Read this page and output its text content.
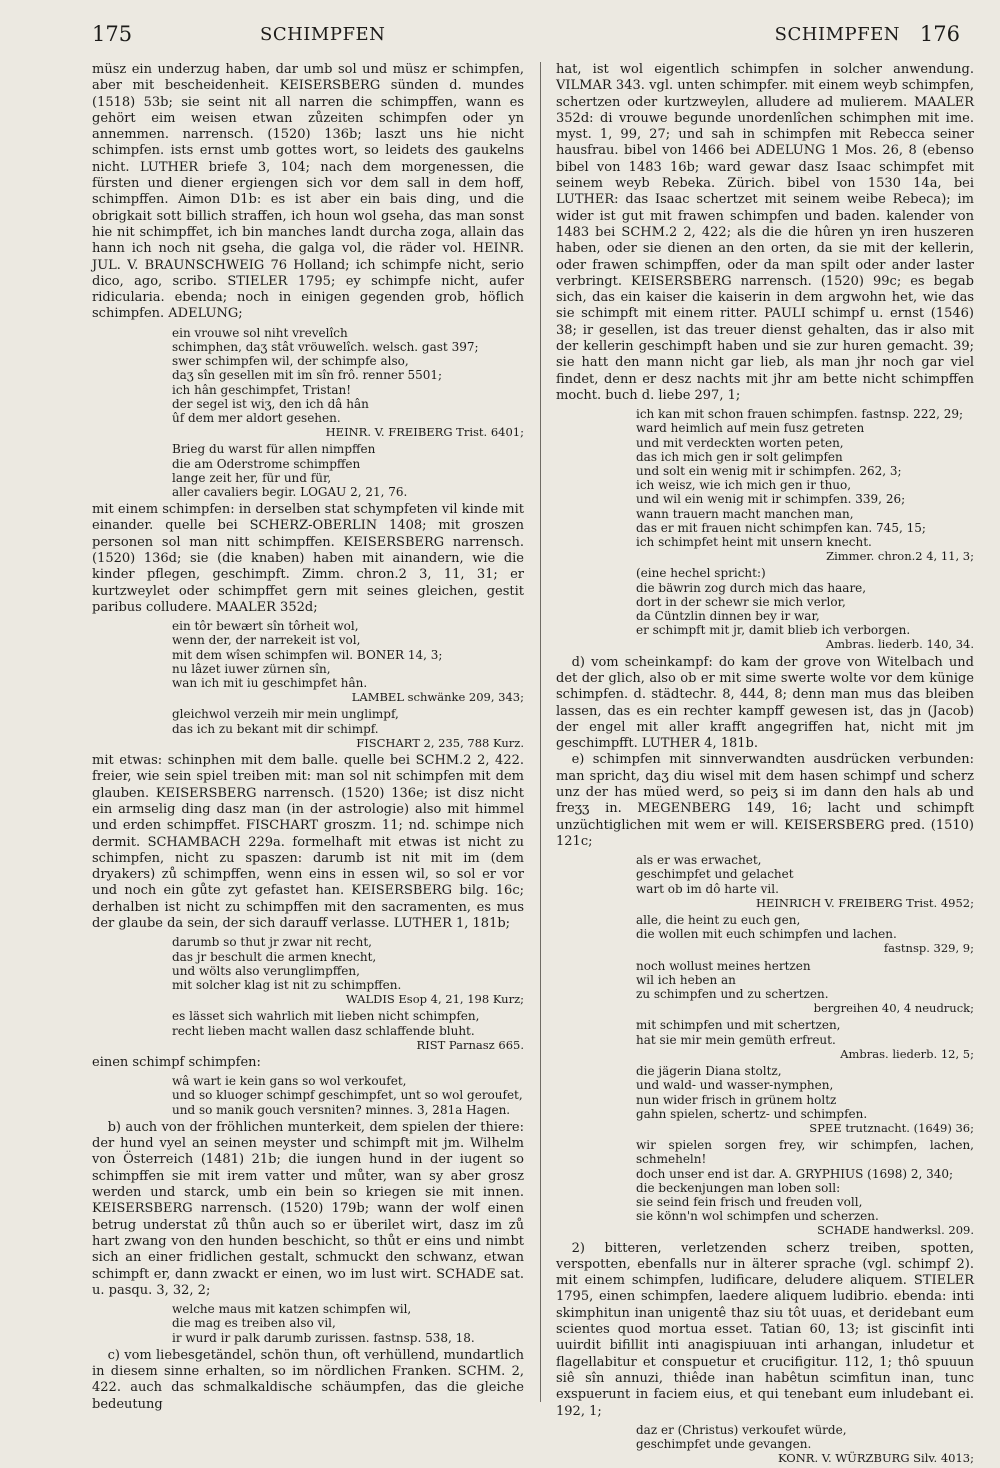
175	SCHIMPFEN	SCHIMPFEN 176

müsz ein underzug haben, dar umb sol und müsz er schimpfen, aber mit bescheidenheit. KEISERSBERG sünden d. mundes (1518) 53b; sie seint nit all narren die schimpffen, wann es gehört eim weisen etwan zůzeiten schimpfen oder yn annemmen. narrensch. (1520) 136b; laszt uns hie nicht schimpfen. ists ernst umb gottes wort, so leidets des gaukelns nicht. LUTHER briefe 3, 104; nach dem morgenessen, die fürsten und diener ergiengen sich vor dem sall in dem hoff, schimpffen. Aimon D1b: es ist aber ein bais ding, und die obrigkait sott billich straffen, ich houn wol gseha, das man sonst hie nit schimpffet, ich bin manches landt durcha zoga, allain das hann ich noch nit gseha, die galga vol, die räder vol. HEINR. JUL. V. BRAUNSCHWEIG 76 Holland; ich schimpfe nicht, serio dico, ago, scribo. STIELER 1795; ey schimpfe nicht, aufer ridicularia. ebenda; noch in einigen gegenden grob, höflich schimpfen. ADELUNG;

ein vrouwe sol niht vrevelîch
schimphen, daʒ stât vröuwelîch. welsch. gast 397;
swer schimpfen wil, der schimpfe also,
daʒ sîn gesellen mit im sîn frô. renner 5501;
ich hân geschimpfet, Tristan!
der segel ist wiʒ, den ich dâ hân
ûf dem mer aldort gesehen.
HEINR. V. FREIBERG Trist. 6401;
Brieg du warst für allen nimpffen
die am Oderstrome schimpffen
lange zeit her, für und für,
aller cavaliers begir. LOGAU 2, 21, 76.

mit einem schimpfen: in derselben stat schympfeten vil kinde mit einander. quelle bei SCHERZ-OBERLIN 1408; mit groszen personen sol man nitt schimpffen. KEISERSBERG narrensch. (1520) 136d; sie (die knaben) haben mit ainandern, wie die kinder pflegen, geschimpft. Zimm. chron.2 3, 11, 31; er kurtzweylet oder schimpffet gern mit seines gleichen, gestit paribus colludere. MAALER 352d;

ein tôr bewært sîn tôrheit wol,
wenn der, der narrekeit ist vol,
mit dem wîsen schimpfen wil. BONER 14, 3;
nu lâzet iuwer zürnen sîn,
wan ich mit iu geschimpfet hân.
LAMBEL schwänke 209, 343;
gleichwol verzeih mir mein unglimpf,
das ich zu bekant mit dir schimpf.
FISCHART 2, 235, 788 Kurz.

mit etwas: schinphen mit dem balle. quelle bei SCHM.2 2, 422. freier, wie sein spiel treiben mit: man sol nit schimpfen mit dem glauben. KEISERSBERG narrensch. (1520) 136e; ist disz nicht ein armselig ding dasz man (in der astrologie) also mit himmel und erden schimpffet. FISCHART groszm. 11; nd. schimpe nich dermit. SCHAMBACH 229a. formelhaft mit etwas ist nicht zu schimpfen, nicht zu spaszen: darumb ist nit mit im (dem dryakers) zů schimpffen, wenn eins in essen wil, so sol er vor und noch ein gůte zyt gefastet han. KEISERSBERG bilg. 16c; derhalben ist nicht zu schimpffen mit den sacramenten, es mus der glaube da sein, der sich darauff verlasse. LUTHER 1, 181b;

darumb so thut jr zwar nit recht,
das jr beschult die armen knecht,
und wölts also verunglimpffen,
mit solcher klag ist nit zu schimpffen.
WALDIS Esop 4, 21, 198 Kurz;
es lässet sich wahrlich mit lieben nicht schimpfen,
recht lieben macht wallen dasz schlaffende bluht.
RIST Parnasz 665.

einen schimpf schimpfen:

wâ wart ie kein gans so wol verkoufet,
und so kluoger schimpf geschimpfet, unt so wol geroufet,
und so manik gouch versniten? minnes. 3, 281a Hagen.

b) auch von der fröhlichen munterkeit, dem spielen der thiere: der hund vyel an seinen meyster und schimpft mit jm. Wilhelm von Österreich (1481) 21b; die iungen hund in der iugent so schimpffen sie mit irem vatter und můter, wan sy aber grosz werden und starck, umb ein bein so kriegen sie mit innen. KEISERSBERG narrensch. (1520) 179b; wann der wolf einen betrug understat zů thůn auch so er überilet wirt, dasz im zů hart zwang von den hunden beschicht, so thůt er eins und nimbt sich an einer fridlichen gestalt, schmuckt den schwanz, etwan schimpft er, dann zwackt er einen, wo im lust wirt. SCHADE sat. u. pasqu. 3, 32, 2;

welche maus mit katzen schimpfen wil,
die mag es treiben also vil,
ir wurd ir palk darumb zurissen. fastnsp. 538, 18.

c) vom liebesgetändel, schön thun, oft verhüllend, mundartlich in diesem sinne erhalten, so im nördlichen Franken. SCHM. 2, 422. auch das schmalkaldische schäumpfen, das die gleiche bedeutung

hat, ist wol eigentlich schimpfen in solcher anwendung. VILMAR 343. vgl. unten schimpfer. mit einem weyb schimpfen, schertzen oder kurtzweylen, alludere ad mulierem. MAALER 352d: di vrouwe begunde unordenlîchen schimphen mit ime. myst. 1, 99, 27; und sah in schimpfen mit Rebecca seiner hausfrau. bibel von 1466 bei ADELUNG 1 Mos. 26, 8 (ebenso bibel von 1483 16b; ward gewar dasz Isaac schimpfet mit seinem weyb Rebeka. Zürich. bibel von 1530 14a, bei LUTHER: das Isaac schertzet mit seinem weibe Rebeca); im wider ist gut mit frawen schimpfen und baden. kalender von 1483 bei SCHM.2 2, 422; als die die hûren yn iren huszeren haben, oder sie dienen an den orten, da sie mit der kellerin, oder frawen schimpffen, oder da man spilt oder ander laster verbringt. KEISERSBERG narrensch. (1520) 99c; es begab sich, das ein kaiser die kaiserin in dem argwohn het, wie das sie schimpft mit einem ritter. PAULI schimpf u. ernst (1546) 38; ir gesellen, ist das treuer dienst gehalten, das ir also mit der kellerin geschimpft haben und sie zur huren gemacht. 39; sie hatt den mann nicht gar lieb, als man jhr noch gar viel findet, denn er desz nachts mit jhr am bette nicht schimpffen mocht. buch d. liebe 297, 1;

ich kan mit schon frauen schimpfen. fastnsp. 222, 29;
ward heimlich auf mein fusz getreten
und mit verdeckten worten peten,
das ich mich gen ir solt gelimpfen
und solt ein wenig mit ir schimpfen. 262, 3;
ich weisz, wie ich mich gen ir thuo,
und wil ein wenig mit ir schimpfen. 339, 26;
wann trauern macht manchen man,
das er mit frauen nicht schimpfen kan. 745, 15;
ich schimpfet heint mit unsern knecht.
Zimmer. chron.2 4, 11, 3;
(eine hechel spricht:)
die bäwrin zog durch mich das haare,
dort in der schewr sie mich verlor,
da Cüntzlin dinnen bey ir war,
er schimpft mit jr, damit blieb ich verborgen.
Ambras. liederb. 140, 34.

d) vom scheinkampf: do kam der grove von Witelbach und det der glich, also ob er mit sime swerte wolte vor dem künige schimpfen. d. städtechr. 8, 444, 8; denn man mus das bleiben lassen, das es ein rechter kampff gewesen ist, das jn (Jacob) der engel mit aller krafft angegriffen hat, nicht mit jm geschimpfft. LUTHER 4, 181b.

e) schimpfen mit sinnverwandten ausdrücken verbunden: man spricht, daʒ diu wisel mit dem hasen schimpf und scherz unz der has müed werd, so peiʒ si im dann den hals ab und freʒʒ in. MEGENBERG 149, 16; lacht und schimpft unzüchtiglichen mit wem er will. KEISERSBERG pred. (1510) 121c;

als er was erwachet,
geschimpfet und gelachet
wart ob im dô harte vil.
HEINRICH V. FREIBERG Trist. 4952;
alle, die heint zu euch gen,
die wollen mit euch schimpfen und lachen.
fastnsp. 329, 9;
noch wollust meines hertzen
wil ich heben an
zu schimpfen und zu schertzen.
bergreihen 40, 4 neudruck;
mit schimpfen und mit schertzen,
hat sie mir mein gemüth erfreut.
Ambras. liederb. 12, 5;
die jägerin Diana stoltz,
und wald- und wasser-nymphen,
nun wider frisch in grünem holtz
gahn spielen, schertz- und schimpfen.
SPEE trutznacht. (1649) 36;
wir spielen sorgen frey, wir schimpfen, lachen, schmeheln!
doch unser end ist dar. A. GRYPHIUS (1698) 2, 340;
die beckenjungen man loben soll:
sie seind fein frisch und freuden voll,
sie könn'n wol schimpfen und scherzen.
SCHADE handwerksl. 209.

2) bitteren, verletzenden scherz treiben, spotten, verspotten, ebenfalls nur in älterer sprache (vgl. schimpf 2). mit einem schimpfen, ludificare, deludere aliquem. STIELER 1795, einen schimpfen, laedere aliquem ludibrio. ebenda: inti skimphitun inan unigentê thaz siu tôt uuas, et deridebant eum scientes quod mortua esset. Tatian 60, 13; ist giscinfit inti uuirdit bifillit inti anagispiuuan inti arhangan, inludetur et flagellabitur et conspuetur et crucifigitur. 112, 1; thô spuuun siê sîn annuzi, thiêde inan habêtun scimfitun inan, tunc exspuerunt in faciem eius, et qui tenebant eum inludebant ei. 192, 1;

daz er (Christus) verkoufet würde,
geschimpfet unde gevangen.
KONR. V. WÜRZBURG Silv. 4013;
